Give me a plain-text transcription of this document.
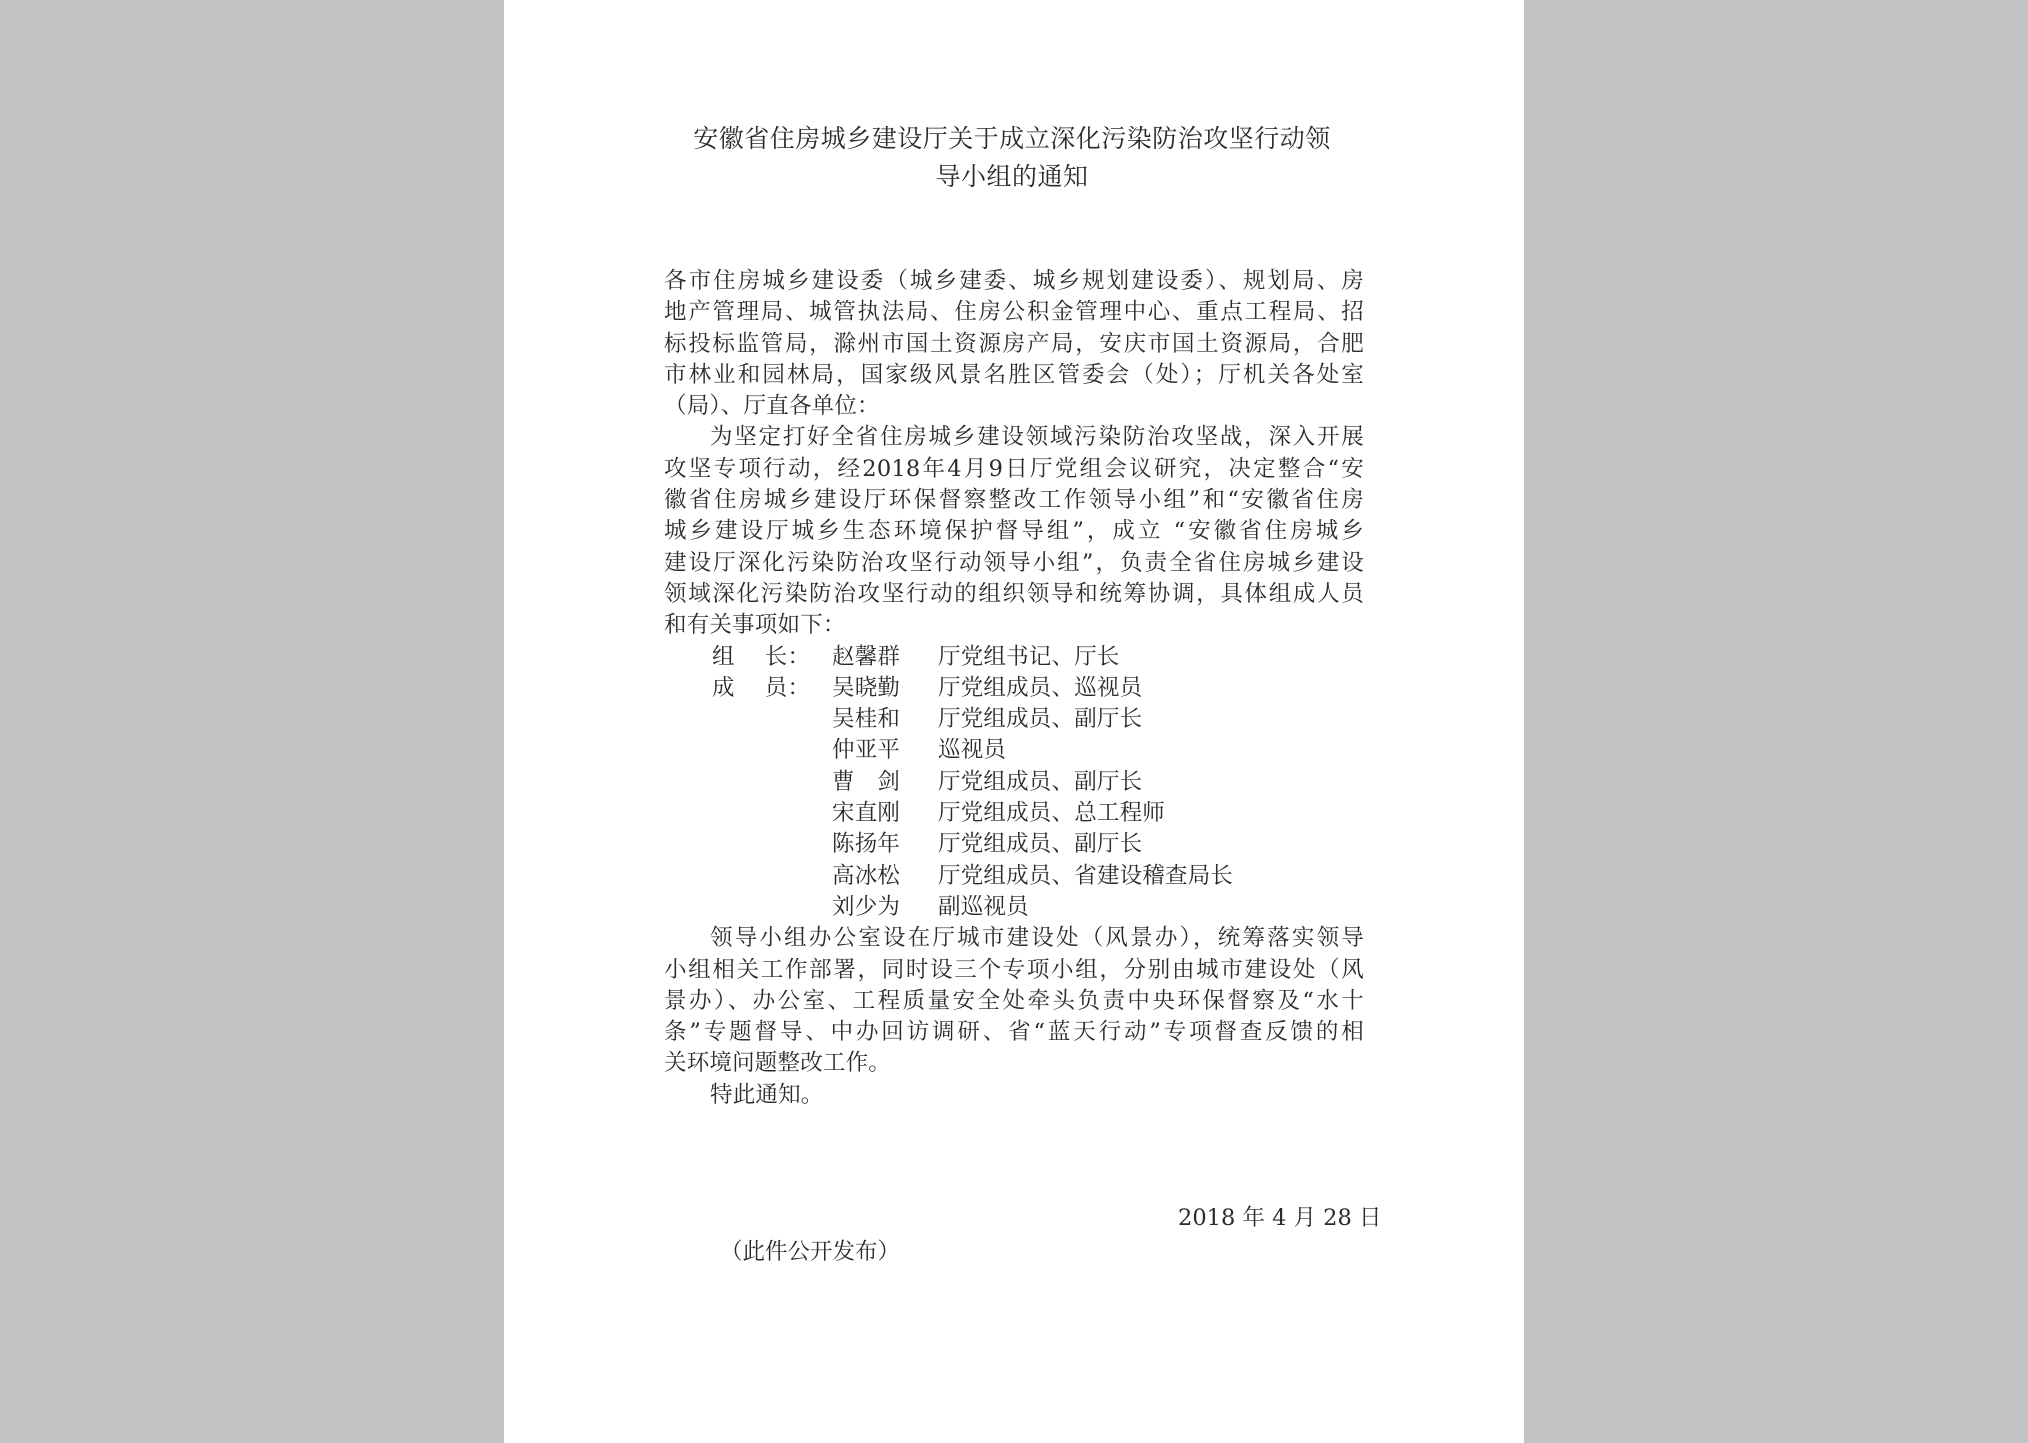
安徽省住房城乡建设厅关于成立深化污染防治攻坚行动领
导小组的通知
各市住房城乡建设委（城乡建委、城乡规划建设委）、规划局、房
地产管理局、城管执法局、住房公积金管理中心、重点工程局、招
标投标监管局，滁州市国土资源房产局，安庆市国土资源局，合肥
市林业和园林局，国家级风景名胜区管委会（处）；厅机关各处室
（局）、厅直各单位：
为坚定打好全省住房城乡建设领域污染防治攻坚战，深入开展
攻坚专项行动，经2018年4月9日厅党组会议研究，决定整合“安
徽省住房城乡建设厅环保督察整改工作领导小组”和“安徽省住房
城乡建设厅城乡生态环境保护督导组”，成立 “安徽省住房城乡
建设厅深化污染防治攻坚行动领导小组”，负责全省住房城乡建设
领域深化污染防治攻坚行动的组织领导和统筹协调，具体组成人员
和有关事项如下：
组　 长： 赵馨群	厅党组书记、厅长
成　 员： 吴晓勤	厅党组成员、巡视员
吴桂和	厅党组成员、副厅长
仲亚平	巡视员
曹　剑	厅党组成员、副厅长
宋直刚	厅党组成员、总工程师
陈扬年	厅党组成员、副厅长
高冰松	厅党组成员、省建设稽查局长
刘少为	副巡视员
领导小组办公室设在厅城市建设处（风景办），统筹落实领导
小组相关工作部署，同时设三个专项小组，分别由城市建设处（风
景办）、办公室、工程质量安全处牵头负责中央环保督察及“水十
条”专题督导、中办回访调研、省“蓝天行动”专项督查反馈的相
关环境问题整改工作。
特此通知。
2018 年 4 月 28 日
（此件公开发布）
